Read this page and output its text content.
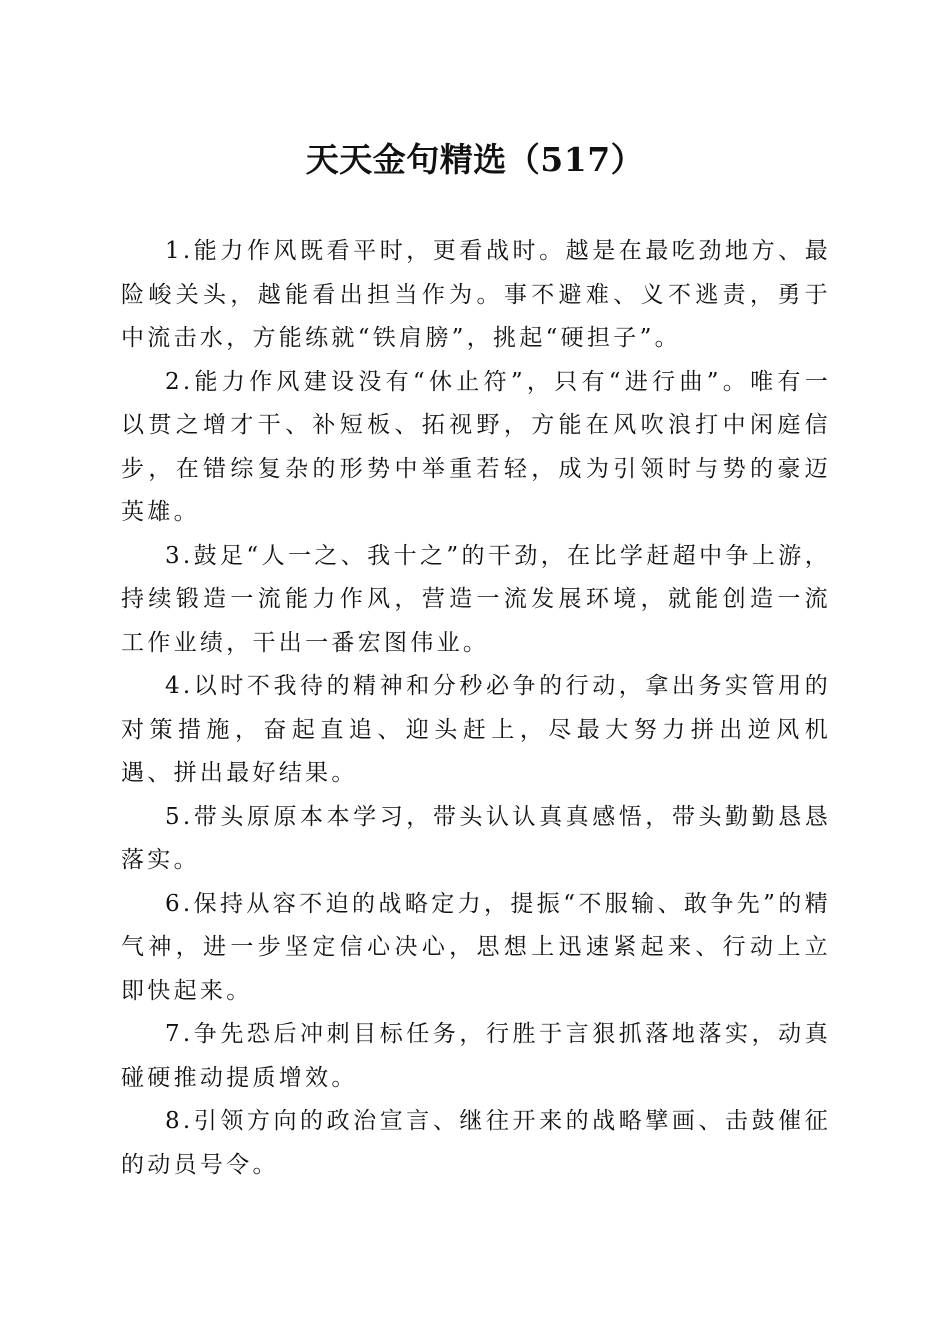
天天金句精选（517）

1.能力作风既看平时，更看战时。越是在最吃劲地方、最险峻关头，越能看出担当作为。事不避难、义不逃责，勇于中流击水，方能练就“铁肩膀”，挑起“硬担子”。

2.能力作风建设没有“休止符”，只有“进行曲”。唯有一以贯之增才干、补短板、拓视野，方能在风吹浪打中闲庭信步，在错综复杂的形势中举重若轻，成为引领时与势的豪迈英雄。

3.鼓足“人一之、我十之”的干劲，在比学赶超中争上游，持续锻造一流能力作风，营造一流发展环境，就能创造一流工作业绩，干出一番宏图伟业。

4.以时不我待的精神和分秒必争的行动，拿出务实管用的对策措施，奋起直追、迎头赶上，尽最大努力拼出逆风机遇、拼出最好结果。

5.带头原原本本学习，带头认认真真感悟，带头勤勤恳恳落实。

6.保持从容不迫的战略定力，提振“不服输、敢争先”的精气神，进一步坚定信心决心，思想上迅速紧起来、行动上立即快起来。

7.争先恐后冲刺目标任务，行胜于言狠抓落地落实，动真碰硬推动提质增效。

8.引领方向的政治宣言、继往开来的战略擘画、击鼓催征的动员号令。
